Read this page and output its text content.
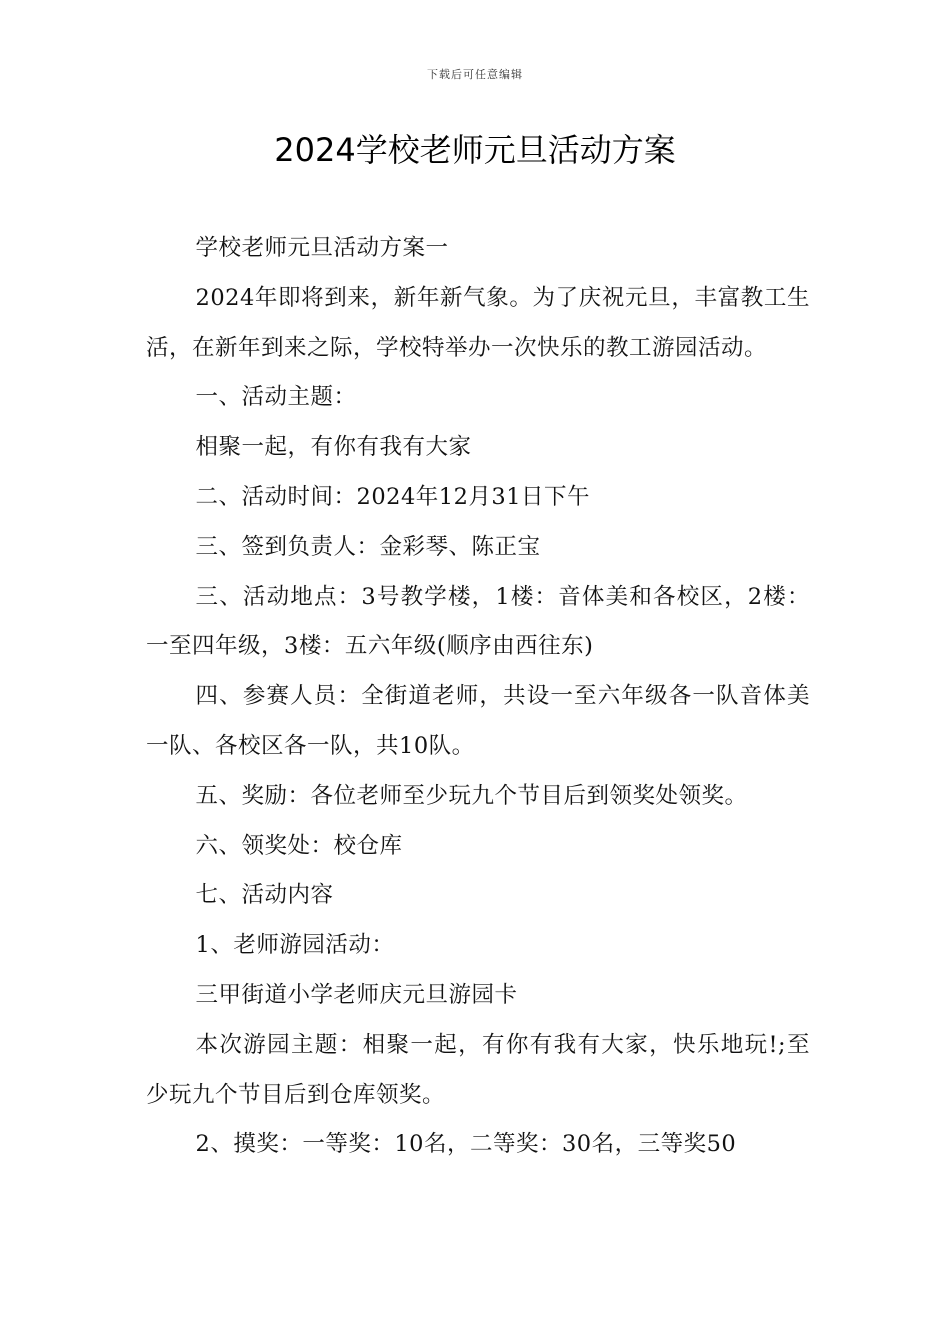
下载后可任意编辑
2024学校老师元旦活动方案

学校老师元旦活动方案一

2024年即将到来，新年新气象。为了庆祝元旦，丰富教工生活，在新年到来之际，学校特举办一次快乐的教工游园活动。

一、活动主题：

相聚一起，有你有我有大家

二、活动时间：2024年12月31日下午

三、签到负责人：金彩琴、陈正宝

三、活动地点：3号教学楼，1楼：音体美和各校区，2楼：一至四年级，3楼：五六年级(顺序由西往东)

四、参赛人员：全街道老师，共设一至六年级各一队音体美一队、各校区各一队，共10队。

五、奖励：各位老师至少玩九个节目后到领奖处领奖。

六、领奖处：校仓库

七、活动内容

1、老师游园活动：

三甲街道小学老师庆元旦游园卡

本次游园主题：相聚一起，有你有我有大家，快乐地玩!;至少玩九个节目后到仓库领奖。

2、摸奖：一等奖：10名，二等奖：30名，三等奖50
